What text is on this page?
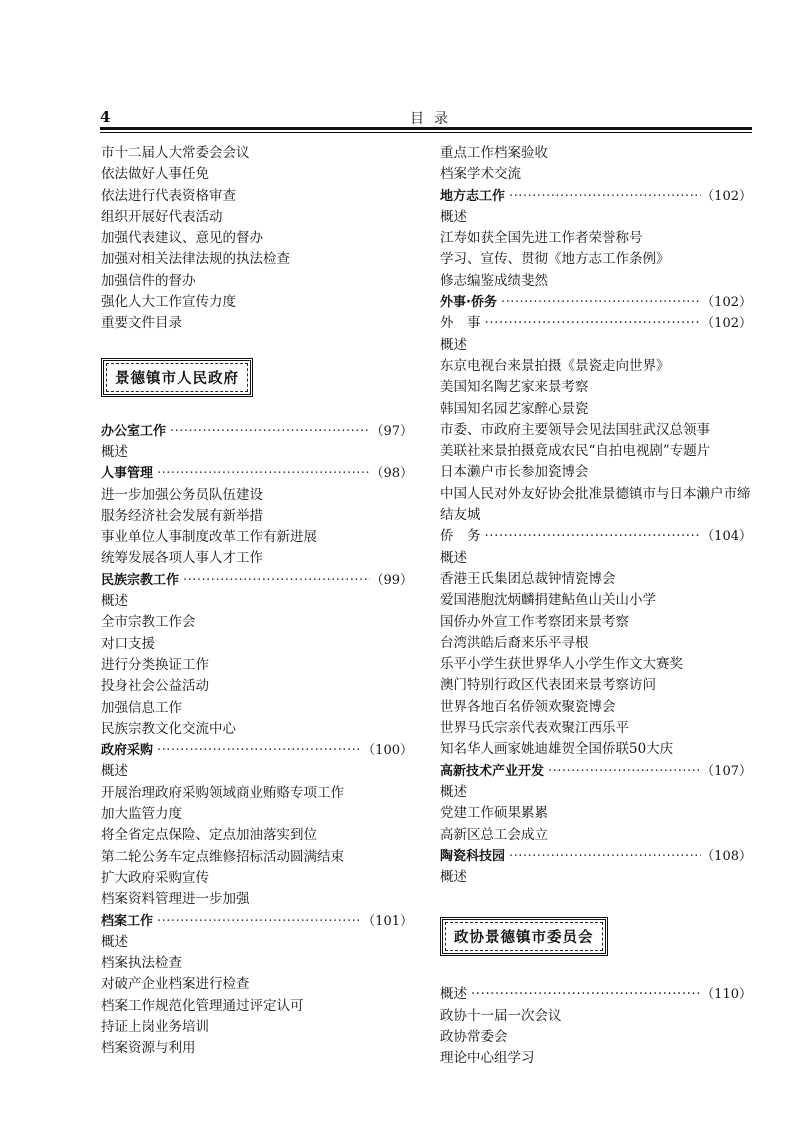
4	目录
市十二届人大常委会会议
依法做好人事任免
依法进行代表资格审查
组织开展好代表活动
加强代表建议、意见的督办
加强对相关法律法规的执法检查
加强信件的督办
强化人大工作宣传力度
重要文件目录
景德镇市人民政府
办公室工作 ·····	（97）
概述
人事管理 ·····	（98）
进一步加强公务员队伍建设
服务经济社会发展有新举措
事业单位人事制度改革工作有新进展
统筹发展各项人事人才工作
民族宗教工作 ·····	（99）
概述
全市宗教工作会
对口支援
进行分类换证工作
投身社会公益活动
加强信息工作
民族宗教文化交流中心
政府采购 ·····	（100）
概述
开展治理政府采购领域商业贿赂专项工作
加大监管力度
将全省定点保险、定点加油落实到位
第二轮公务车定点维修招标活动圆满结束
扩大政府采购宣传
档案资料管理进一步加强
档案工作 ·····	（101）
概述
档案执法检查
对破产企业档案进行检查
档案工作规范化管理通过评定认可
持证上岗业务培训
档案资源与利用
重点工作档案验收
档案学术交流
地方志工作 ·····	（102）
概述
江寿如获全国先进工作者荣誉称号
学习、宣传、贯彻《地方志工作条例》
修志编鉴成绩斐然
外事·侨务 ·····	（102）
外　事 ·····	（102）
概述
东京电视台来景拍摄《景瓷走向世界》
美国知名陶艺家来景考察
韩国知名园艺家醉心景瓷
市委、市政府主要领导会见法国驻武汉总领事
美联社来景拍摄竟成农民“自拍电视剧”专题片
日本濑户市长参加瓷博会
中国人民对外友好协会批准景德镇市与日本濑户市缔结友城
侨　务 ·····	（104）
概述
香港王氏集团总裁钟情瓷博会
爱国港胞沈炳麟捐建鲇鱼山关山小学
国侨办外宣工作考察团来景考察
台湾洪皓后裔来乐平寻根
乐平小学生获世界华人小学生作文大赛奖
澳门特别行政区代表团来景考察访问
世界各地百名侨领欢聚瓷博会
世界马氏宗亲代表欢聚江西乐平
知名华人画家姚迪雄贺全国侨联50大庆
高新技术产业开发 ·····	（107）
概述
党建工作硕果累累
高新区总工会成立
陶瓷科技园 ·····	（108）
概述
政协景德镇市委员会
概述 ·····	（110）
政协十一届一次会议
政协常委会
理论中心组学习
